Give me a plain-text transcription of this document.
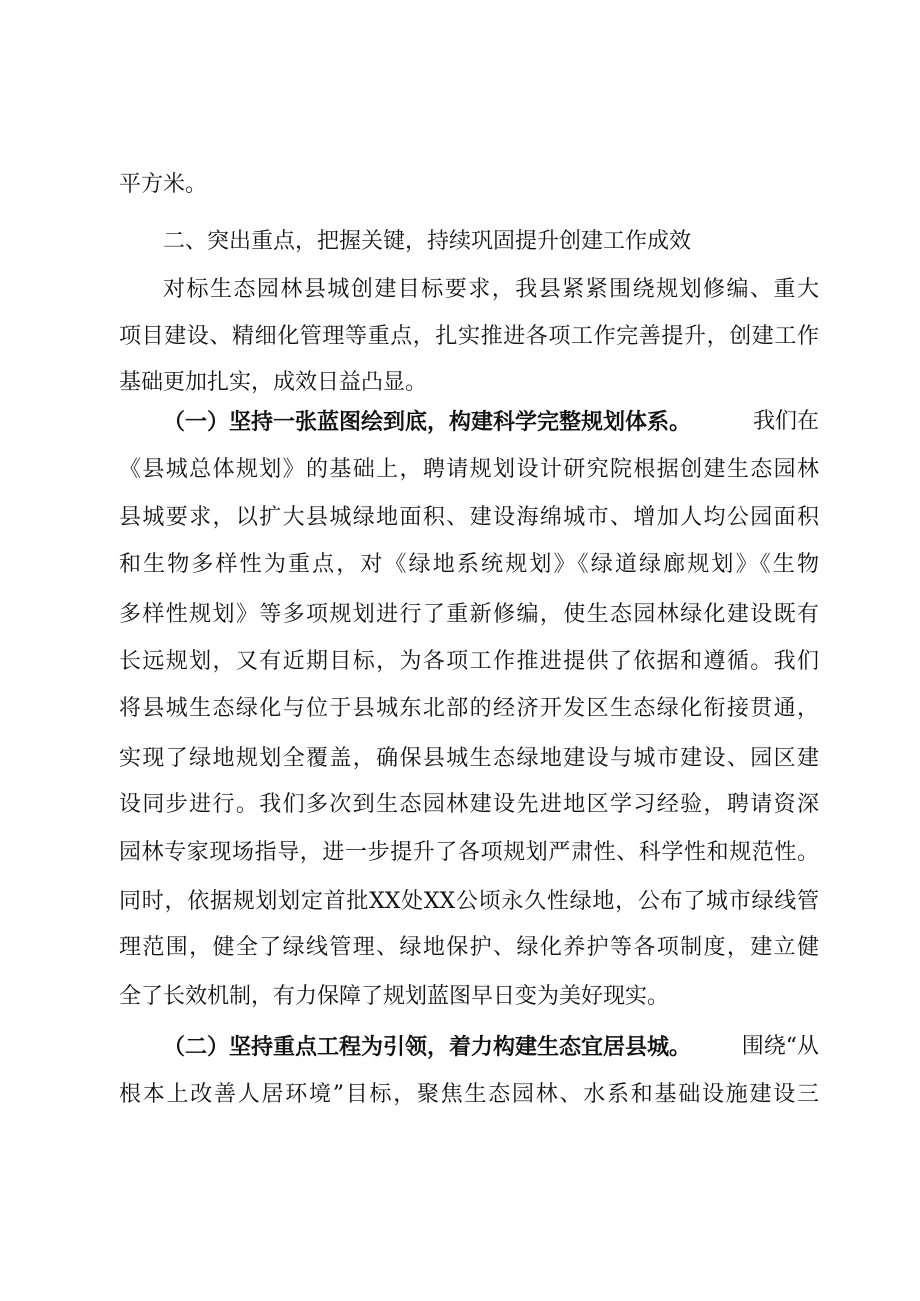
平方米。
二、突出重点，把握关键，持续巩固提升创建工作成效
对标生态园林县城创建目标要求，我县紧紧围绕规划修编、重大
项目建设、精细化管理等重点，扎实推进各项工作完善提升，创建工作
基础更加扎实，成效日益凸显。
（一）坚持一张蓝图绘到底，构建科学完整规划体系。	我们在
《县城总体规划》的基础上，聘请规划设计研究院根据创建生态园林
县城要求，以扩大县城绿地面积、建设海绵城市、增加人均公园面积
和生物多样性为重点，对《绿地系统规划》《绿道绿廊规划》《生物
多样性规划》等多项规划进行了重新修编，使生态园林绿化建设既有
长远规划，又有近期目标，为各项工作推进提供了依据和遵循。我们
将县城生态绿化与位于县城东北部的经济开发区生态绿化衔接贯通，
实现了绿地规划全覆盖，确保县城生态绿地建设与城市建设、园区建
设同步进行。我们多次到生态园林建设先进地区学习经验，聘请资深
园林专家现场指导，进一步提升了各项规划严肃性、科学性和规范性。
同时，依据规划划定首批XX处XX公顷永久性绿地，公布了城市绿线管
理范围，健全了绿线管理、绿地保护、绿化养护等各项制度，建立健
全了长效机制，有力保障了规划蓝图早日变为美好现实。
（二）坚持重点工程为引领，着力构建生态宜居县城。 围绕“从
根本上改善人居环境”目标，聚焦生态园林、水系和基础设施建设三
